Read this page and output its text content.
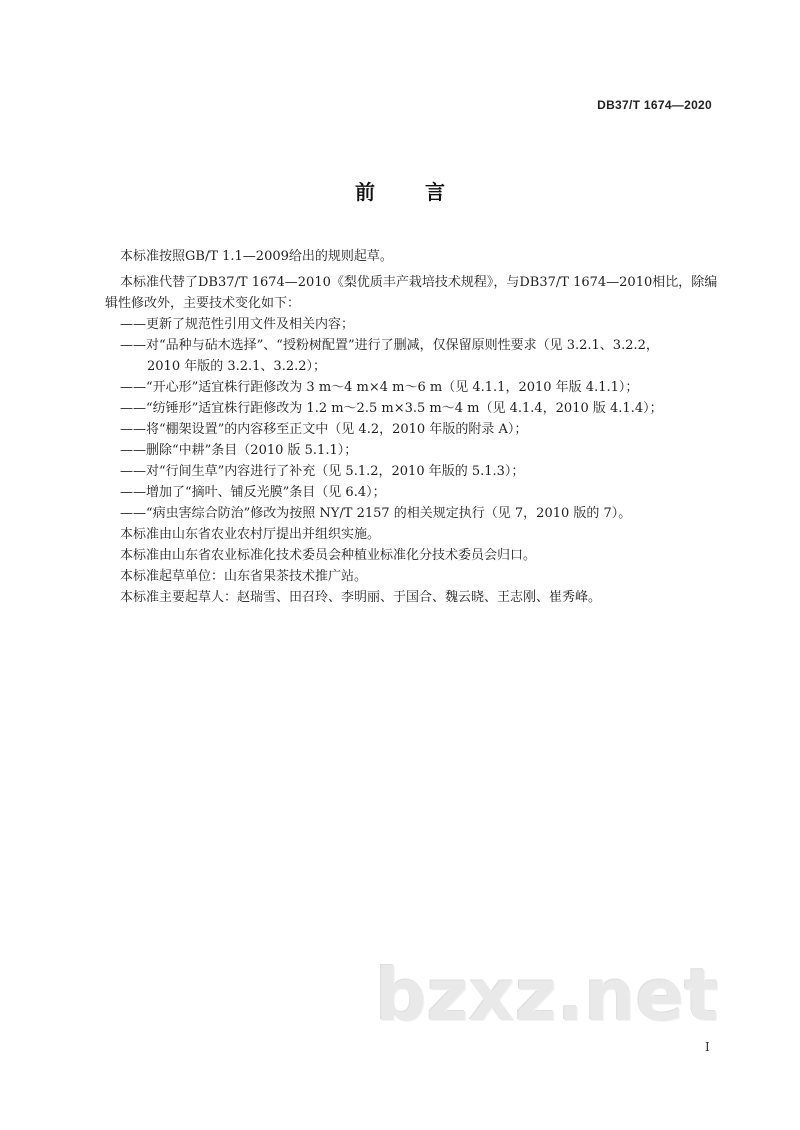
DB37/T 1674—2020
前言
本标准按照GB/T 1.1—2009给出的规则起草。
本标准代替了DB37/T 1674—2010《梨优质丰产栽培技术规程》，与DB37/T 1674—2010相比，除编
辑性修改外，主要技术变化如下：
——更新了规范性引用文件及相关内容；
——对“品种与砧木选择”、“授粉树配置”进行了删减，仅保留原则性要求（见 3.2.1、3.2.2，
2010 年版的 3.2.1、3.2.2）；
——“开心形”适宜株行距修改为 3 m～4 m×4 m～6 m（见 4.1.1，2010 年版 4.1.1）；
——“纺锤形”适宜株行距修改为 1.2 m～2.5 m×3.5 m～4 m（见 4.1.4，2010 版 4.1.4）；
——将“棚架设置”的内容移至正文中（见 4.2，2010 年版的附录 A）；
——删除“中耕”条目（2010 版 5.1.1）；
——对“行间生草”内容进行了补充（见 5.1.2，2010 年版的 5.1.3）；
——增加了“摘叶、铺反光膜”条目（见 6.4）；
——“病虫害综合防治”修改为按照 NY/T 2157 的相关规定执行（见 7，2010 版的 7）。
本标准由山东省农业农村厅提出并组织实施。
本标准由山东省农业标准化技术委员会种植业标准化分技术委员会归口。
本标准起草单位：山东省果茶技术推广站。
本标准主要起草人：赵瑞雪、田召玲、李明丽、于国合、魏云晓、王志刚、崔秀峰。
bzxz.net
I
